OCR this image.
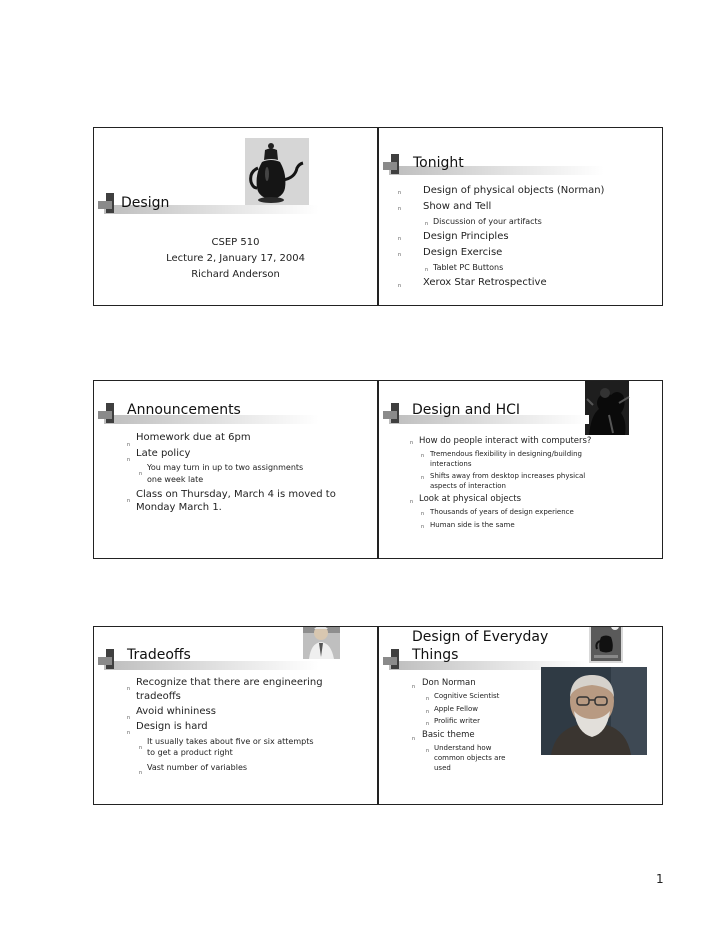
Design
CSEP 510
Lecture 2, January 17, 2004
Richard Anderson
Tonight
n Design of physical objects (Norman)
n Show and Tell
n Discussion of your artifacts
n Design Principles
n Design Exercise
n Tablet PC Buttons
n Xerox Star Retrospective
Announcements
n
Homework due at 6pm
n
Late policy
n
You may turn in up to two assignments
one week late
n
Class on Thursday, March 4 is moved to
Monday March 1.
Design and HCI
n How do people interact with computers?
n Tremendous flexibility in designing/building
interactions
n Shifts away from desktop increases physical
aspects of interaction
n Look at physical objects
n Thousands of years of design experience
n Human side is the same
Tradeoffs
n
Recognize that there are engineering
tradeoffs
n
Avoid whininess
n
Design is hard
n
It usually takes about five or six attempts
to get a product right
n
Vast number of variables
Design of Everyday
Things
n Don Norman
n Cognitive Scientist
n Apple Fellow
n Prolific writer
n Basic theme
n Understand how
common objects are
used
1
